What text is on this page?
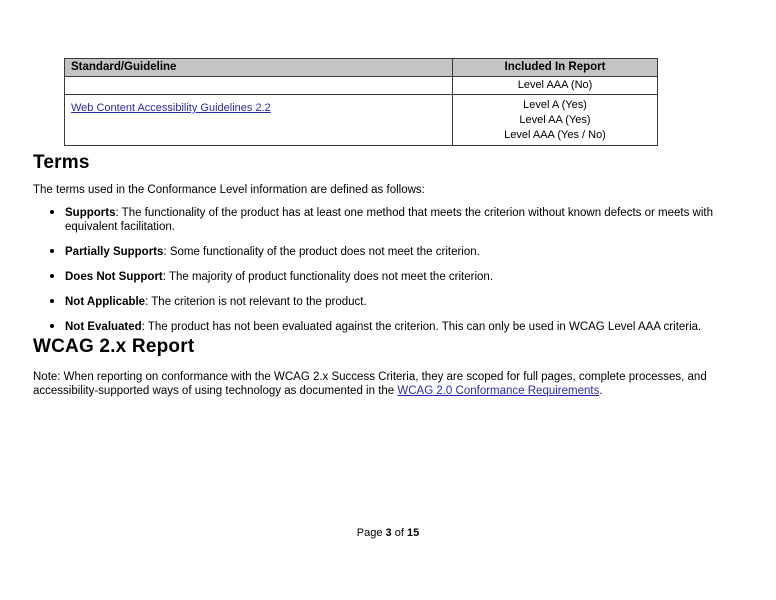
Standard/Guideline	Included In Report
	Level AAA (No)
Web Content Accessibility Guidelines 2.2	Level A (Yes)
Level AA (Yes)
Level AAA (Yes / No)
Terms
The terms used in the Conformance Level information are defined as follows:
Supports: The functionality of the product has at least one method that meets the criterion without known defects or meets with equivalent facilitation.
Partially Supports: Some functionality of the product does not meet the criterion.
Does Not Support: The majority of product functionality does not meet the criterion.
Not Applicable: The criterion is not relevant to the product.
Not Evaluated: The product has not been evaluated against the criterion. This can only be used in WCAG Level AAA criteria.
WCAG 2.x Report
Note: When reporting on conformance with the WCAG 2.x Success Criteria, they are scoped for full pages, complete processes, and accessibility-supported ways of using technology as documented in the WCAG 2.0 Conformance Requirements.
Page 3 of 15
